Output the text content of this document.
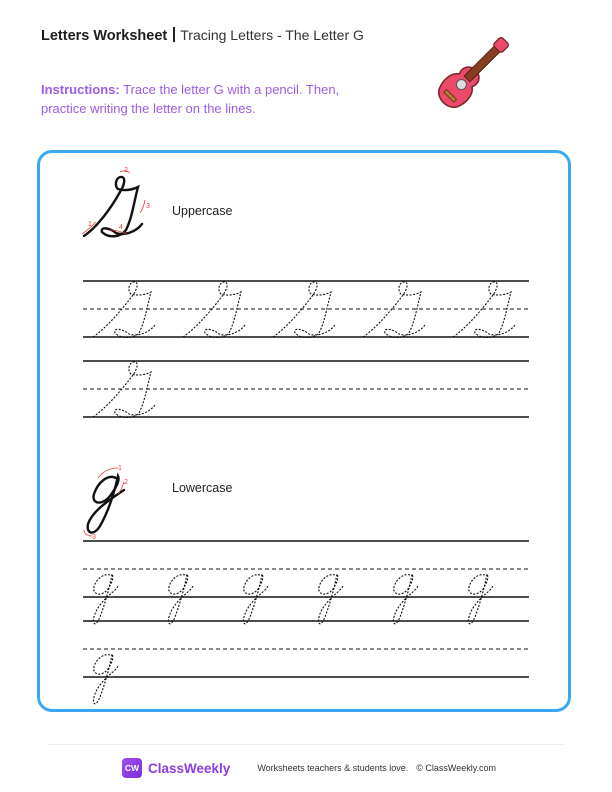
Letters Worksheet Tracing Letters - The Letter G
Instructions: Trace the letter G with a pencil. Then, practice writing the letter on the lines.
1
2
3
4
1
2
3
Uppercase
Lowercase
CW ClassWeekly	Worksheets teachers & students love. © ClassWeekly.com
